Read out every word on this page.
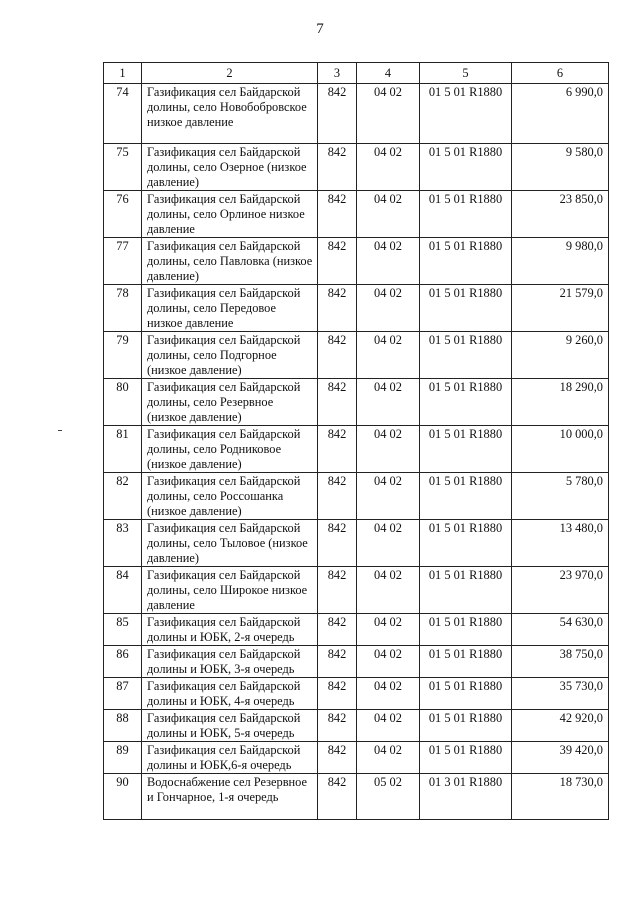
7
1	2	3	4	5	6
74	Газификация сел Байдарской долины, село Новобобровское низкое давление	842	04 02	01 5 01 R1880	6 990,0
75	Газификация сел Байдарской долины, село Озерное (низкое давление)	842	04 02	01 5 01 R1880	9 580,0
76	Газификация сел Байдарской долины, село Орлиное низкое давление	842	04 02	01 5 01 R1880	23 850,0
77	Газификация сел Байдарской долины, село Павловка (низкое давление)	842	04 02	01 5 01 R1880	9 980,0
78	Газификация сел Байдарской долины, село Передовое низкое давление	842	04 02	01 5 01 R1880	21 579,0
79	Газификация сел Байдарской долины, село Подгорное (низкое давление)	842	04 02	01 5 01 R1880	9 260,0
80	Газификация сел Байдарской долины, село Резервное (низкое давление)	842	04 02	01 5 01 R1880	18 290,0
81	Газификация сел Байдарской долины, село Родниковое (низкое давление)	842	04 02	01 5 01 R1880	10 000,0
82	Газификация сел Байдарской долины, село Россошанка (низкое давление)	842	04 02	01 5 01 R1880	5 780,0
83	Газификация сел Байдарской долины, село Тыловое (низкое давление)	842	04 02	01 5 01 R1880	13 480,0
84	Газификация сел Байдарской долины, село Широкое низкое давление	842	04 02	01 5 01 R1880	23 970,0
85	Газификация сел Байдарской долины и ЮБК, 2-я очередь	842	04 02	01 5 01 R1880	54 630,0
86	Газификация сел Байдарской долины и ЮБК, 3-я очередь	842	04 02	01 5 01 R1880	38 750,0
87	Газификация сел Байдарской долины и ЮБК, 4-я очередь	842	04 02	01 5 01 R1880	35 730,0
88	Газификация сел Байдарской долины и ЮБК, 5-я очередь	842	04 02	01 5 01 R1880	42 920,0
89	Газификация сел Байдарской долины и ЮБК,6-я очередь	842	04 02	01 5 01 R1880	39 420,0
90	Водоснабжение сел Резервное и Гончарное, 1-я очередь	842	05 02	01 3 01 R1880	18 730,0
